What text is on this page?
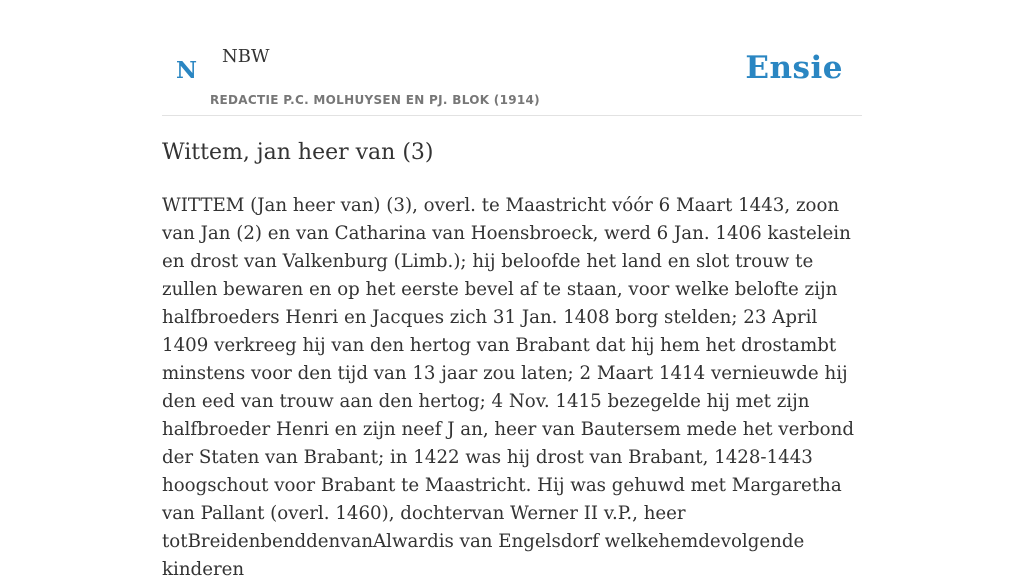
N
NBW	Ensie
REDACTIE P.C. MOLHUYSEN EN PJ. BLOK (1914)
Wittem, jan heer van (3)

WITTEM (Jan heer van) (3), overl. te Maastricht vóór 6 Maart 1443, zoon van Jan (2) en van Catharina van Hoensbroeck, werd 6 Jan. 1406 kastelein en drost van Valkenburg (Limb.); hij beloofde het land en slot trouw te zullen bewaren en op het eerste bevel af te staan, voor welke belofte zijn halfbroeders Henri en Jacques zich 31 Jan. 1408 borg stelden; 23 April 1409 verkreeg hij van den hertog van Brabant dat hij hem het drostambt minstens voor den tijd van 13 jaar zou laten; 2 Maart 1414 vernieuwde hij den eed van trouw aan den hertog; 4 Nov. 1415 bezegelde hij met zijn halfbroeder Henri en zijn neef J an, heer van Bautersem mede het verbond der Staten van Brabant; in 1422 was hij drost van Brabant, 1428-1443 hoogschout voor Brabant te Maastricht. Hij was gehuwd met Margaretha van Pallant (overl. 1460), dochtervan Werner II v.P., heer totBreidenbenddenvanAlwardis van Engelsdorf welkehemdevolgende kinderen
